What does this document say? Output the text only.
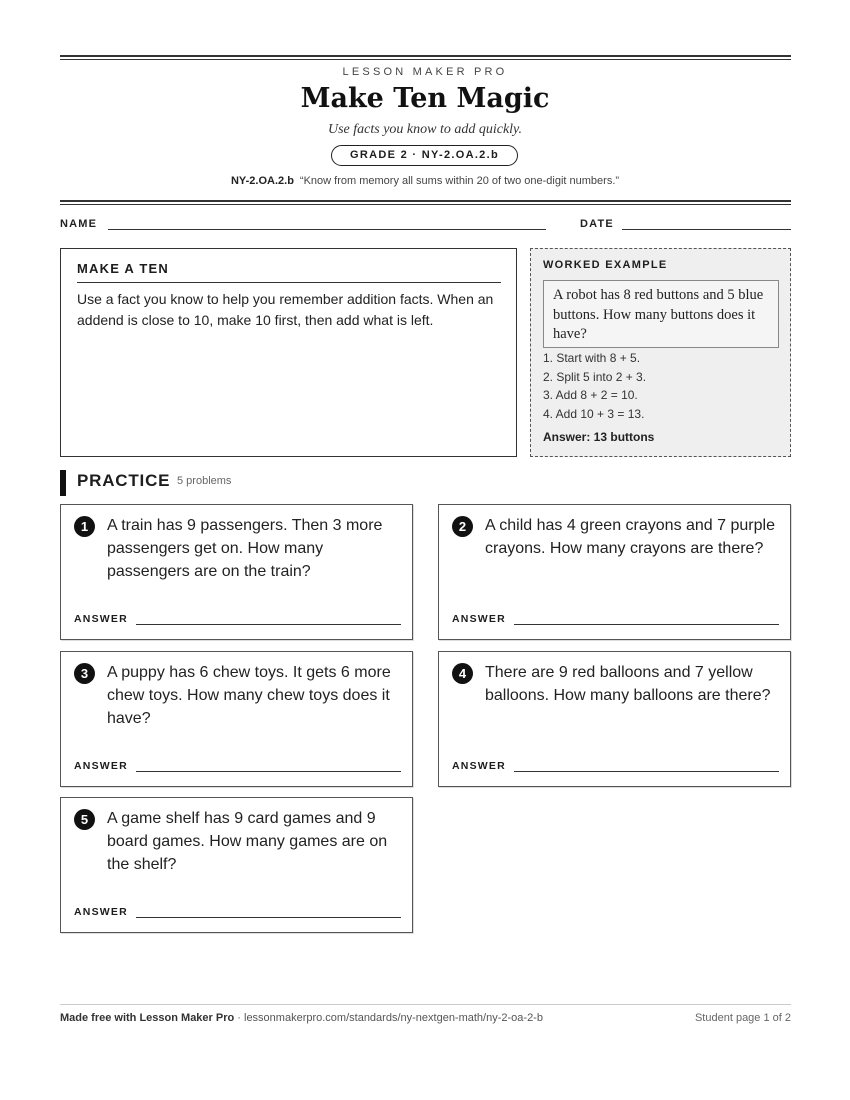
LESSON MAKER PRO
Make Ten Magic
Use facts you know to add quickly.
GRADE 2 · NY-2.OA.2.b
NY-2.OA.2.b “Know from memory all sums within 20 of two one-digit numbers.”
NAME	DATE
MAKE A TEN
Use a fact you know to help you remember addition facts. When an addend is close to 10, make 10 first, then add what is left.
WORKED EXAMPLE
A robot has 8 red buttons and 5 blue buttons. How many buttons does it have?
1. Start with 8 + 5.
2. Split 5 into 2 + 3.
3. Add 8 + 2 = 10.
4. Add 10 + 3 = 13.
Answer: 13 buttons
PRACTICE 5 problems
1	A train has 9 passengers. Then 3 more passengers get on. How many passengers are on the train?
ANSWER
2	A child has 4 green crayons and 7 purple crayons. How many crayons are there?
ANSWER
3	A puppy has 6 chew toys. It gets 6 more chew toys. How many chew toys does it have?
ANSWER
4	There are 9 red balloons and 7 yellow balloons. How many balloons are there?
ANSWER
5	A game shelf has 9 card games and 9 board games. How many games are on the shelf?
ANSWER
Made free with Lesson Maker Pro · lessonmakerpro.com/standards/ny-nextgen-math/ny-2-oa-2-b	Student page 1 of 2
